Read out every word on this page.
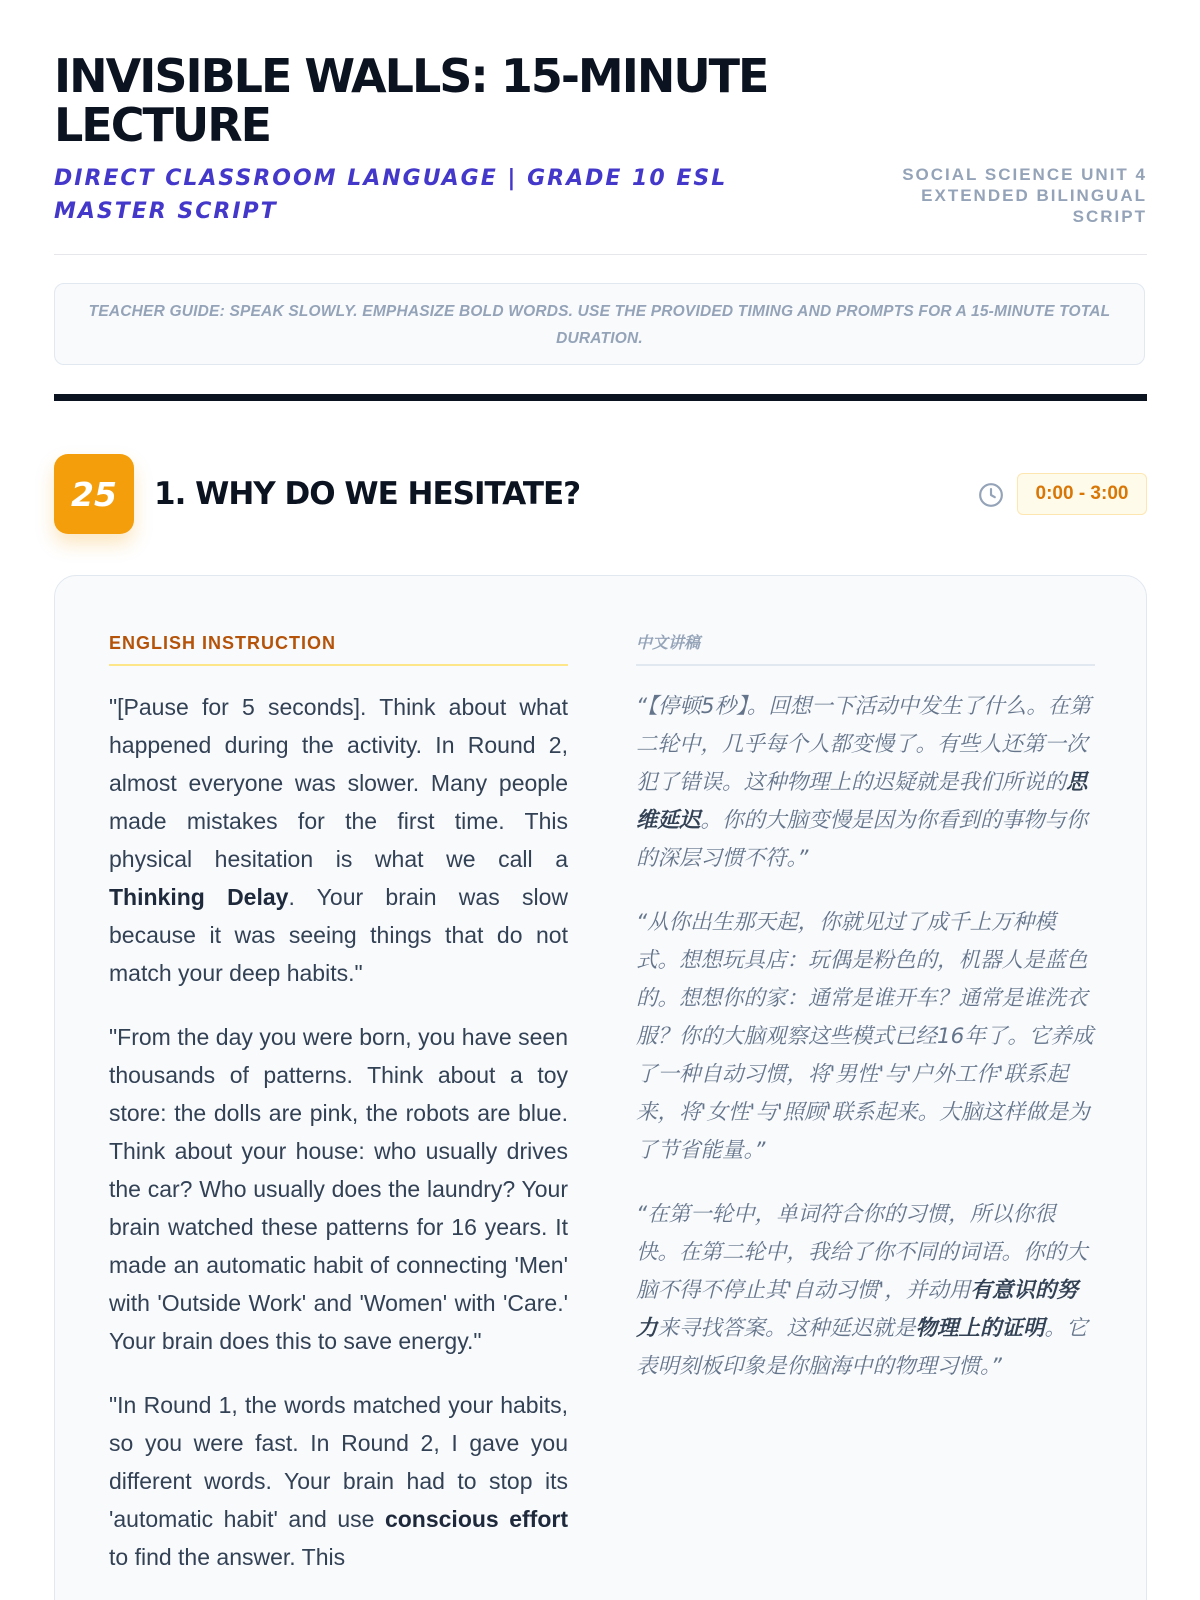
INVISIBLE WALLS: 15-MINUTE LECTURE
DIRECT CLASSROOM LANGUAGE | GRADE 10 ESL MASTER SCRIPT
SOCIAL SCIENCE UNIT 4
EXTENDED BILINGUAL SCRIPT
TEACHER GUIDE: SPEAK SLOWLY. EMPHASIZE BOLD WORDS. USE THE PROVIDED TIMING AND PROMPTS FOR A 15-MINUTE TOTAL DURATION.
25	1. WHY DO WE HESITATE?	0:00 - 3:00
ENGLISH INSTRUCTION

"[Pause for 5 seconds]. Think about what happened during the activity. In Round 2, almost everyone was slower. Many people made mistakes for the first time. This physical hesitation is what we call a Thinking Delay. Your brain was slow because it was seeing things that do not match your deep habits."

"From the day you were born, you have seen thousands of patterns. Think about a toy store: the dolls are pink, the robots are blue. Think about your house: who usually drives the car? Who usually does the laundry? Your brain watched these patterns for 16 years. It made an automatic habit of connecting 'Men' with 'Outside Work' and 'Women' with 'Care.' Your brain does this to save energy."

"In Round 1, the words matched your habits, so you were fast. In Round 2, I gave you different words. Your brain had to stop its 'automatic habit' and use conscious effort to find the answer. This

中文讲稿

“【停顿5秒】。回想一下活动中发生了什么。在第二轮中，几乎每个人都变慢了。有些人还第一次犯了错误。这种物理上的迟疑就是我们所说的思维延迟。你的大脑变慢是因为你看到的事物与你的深层习惯不符。”

“从你出生那天起，你就见过了成千上万种模式。想想玩具店：玩偶是粉色的，机器人是蓝色的。想想你的家：通常是谁开车？通常是谁洗衣服？你的大脑观察这些模式已经16年了。它养成了一种自动习惯，将'男性'与'户外工作'联系起来，将'女性'与'照顾'联系起来。大脑这样做是为了节省能量。”

“在第一轮中，单词符合你的习惯，所以你很快。在第二轮中，我给了你不同的词语。你的大脑不得不停止其'自动习惯'，并动用有意识的努力来寻找答案。这种延迟就是物理上的证明。它表明刻板印象是你脑海中的物理习惯。”
